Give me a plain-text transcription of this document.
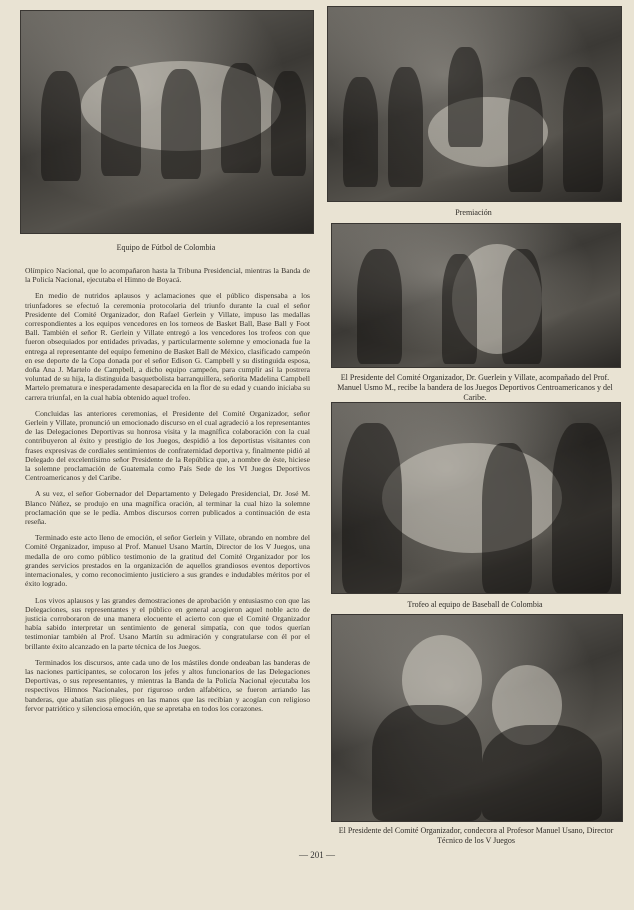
Equipo de Fútbol de Colombia
Premiación
El Presidente del Comité Organizador, Dr. Guerlein y Villate, acompañado del Prof. Manuel Usmo M., recibe la bandera de los Juegos Deportivos Centroamericanos y del Caribe.
Trofeo al equipo de Baseball de Colombia
El Presidente del Comité Organizador, condecora al Profesor Manuel Usano, Director Técnico de los V Juegos

Olímpico Nacional, que lo acompañaron hasta la Tribuna Presidencial, mientras la Banda de la Policía Nacional, ejecutaba el Himno de Boyacá.

En medio de nutridos aplausos y aclamaciones que el público dispensaba a los triunfadores se efectuó la ceremonia protocolaria del triunfo durante la cual el señor Presidente del Comité Organizador, don Rafael Gerlein y Villate, impuso las medallas correspondientes a los equipos vencedores en los torneos de Basket Ball, Base Ball y Foot Ball. También el señor R. Gerlein y Villate entregó a los vencedores los trofeos con que fueron obsequiados por entidades privadas, y particularmente solemne y emocionada fue la entrega al representante del equipo femenino de Basket Ball de México, clasificado campeón en ese deporte de la Copa donada por el señor Edison G. Campbell y su distinguida esposa, doña Ana J. Martelo de Campbell, a dicho equipo campeón, para cumplir así la postrera voluntad de su hija, la distinguida basquetbolista barranquillera, señorita Madelina Campbell Martelo prematura e inesperadamente desaparecida en la flor de su edad y cuando iniciaba su carrera triunfal, en la cual había obtenido aquel trofeo.

Concluidas las anteriores ceremonias, el Presidente del Comité Organizador, señor Gerlein y Villate, pronunció un emocionado discurso en el cual agradeció a los representantes de las Delegaciones Deportivas su honrosa visita y la magnífica colaboración con la cual contribuyeron al éxito y prestigio de los Juegos, despidió a los deportistas visitantes con frases expresivas de cordiales sentimientos de confraternidad deportiva y, finalmente pidió al Delegado del excelentísimo señor Presidente de la República que, a nombre de éste, hiciese la solemne proclamación de Guatemala como País Sede de los VI Juegos Deportivos Centroamericanos y del Caribe.

A su vez, el señor Gobernador del Departamento y Delegado Presidencial, Dr. José M. Blanco Núñez, se produjo en una magnífica oración, al terminar la cual hizo la solemne proclamación que se le pedía. Ambos discursos corren publicados a continuación de esta reseña.

Terminado este acto lleno de emoción, el señor Gerlein y Villate, obrando en nombre del Comité Organizador, impuso al Prof. Manuel Usano Martín, Director de los V Juegos, una medalla de oro como público testimonio de la gratitud del Comité Organizador por los grandes servicios prestados en la organización de aquellos grandiosos eventos deportivos internacionales, y como reconocimiento justiciero a sus grandes e indudables méritos por el éxito logrado.

Los vivos aplausos y las grandes demostraciones de aprobación y entusiasmo con que las Delegaciones, sus representantes y el público en general acogieron aquel noble acto de justicia corroboraron de una manera elocuente el acierto con que el Comité Organizador había sabido interpretar un sentimiento de general simpatía, con que todos querían testimoniar también al Prof. Usano Martín su admiración y congratularse con él por el brillante éxito alcanzado en la parte técnica de los Juegos.

Terminados los discursos, ante cada uno de los mástiles donde ondeaban las banderas de las naciones participantes, se colocaron los jefes y altos funcionarios de las Delegaciones Deportivas, o sus representantes, y mientras la Banda de la Policía Nacional ejecutaba los respectivos Himnos Nacionales, por riguroso orden alfabético, se fueron arriando las banderas, que abatían sus pliegues en las manos que las recibían y acogían con religioso fervor patriótico y silenciosa emoción, que se apretaba en todos los corazones.

— 201 —
